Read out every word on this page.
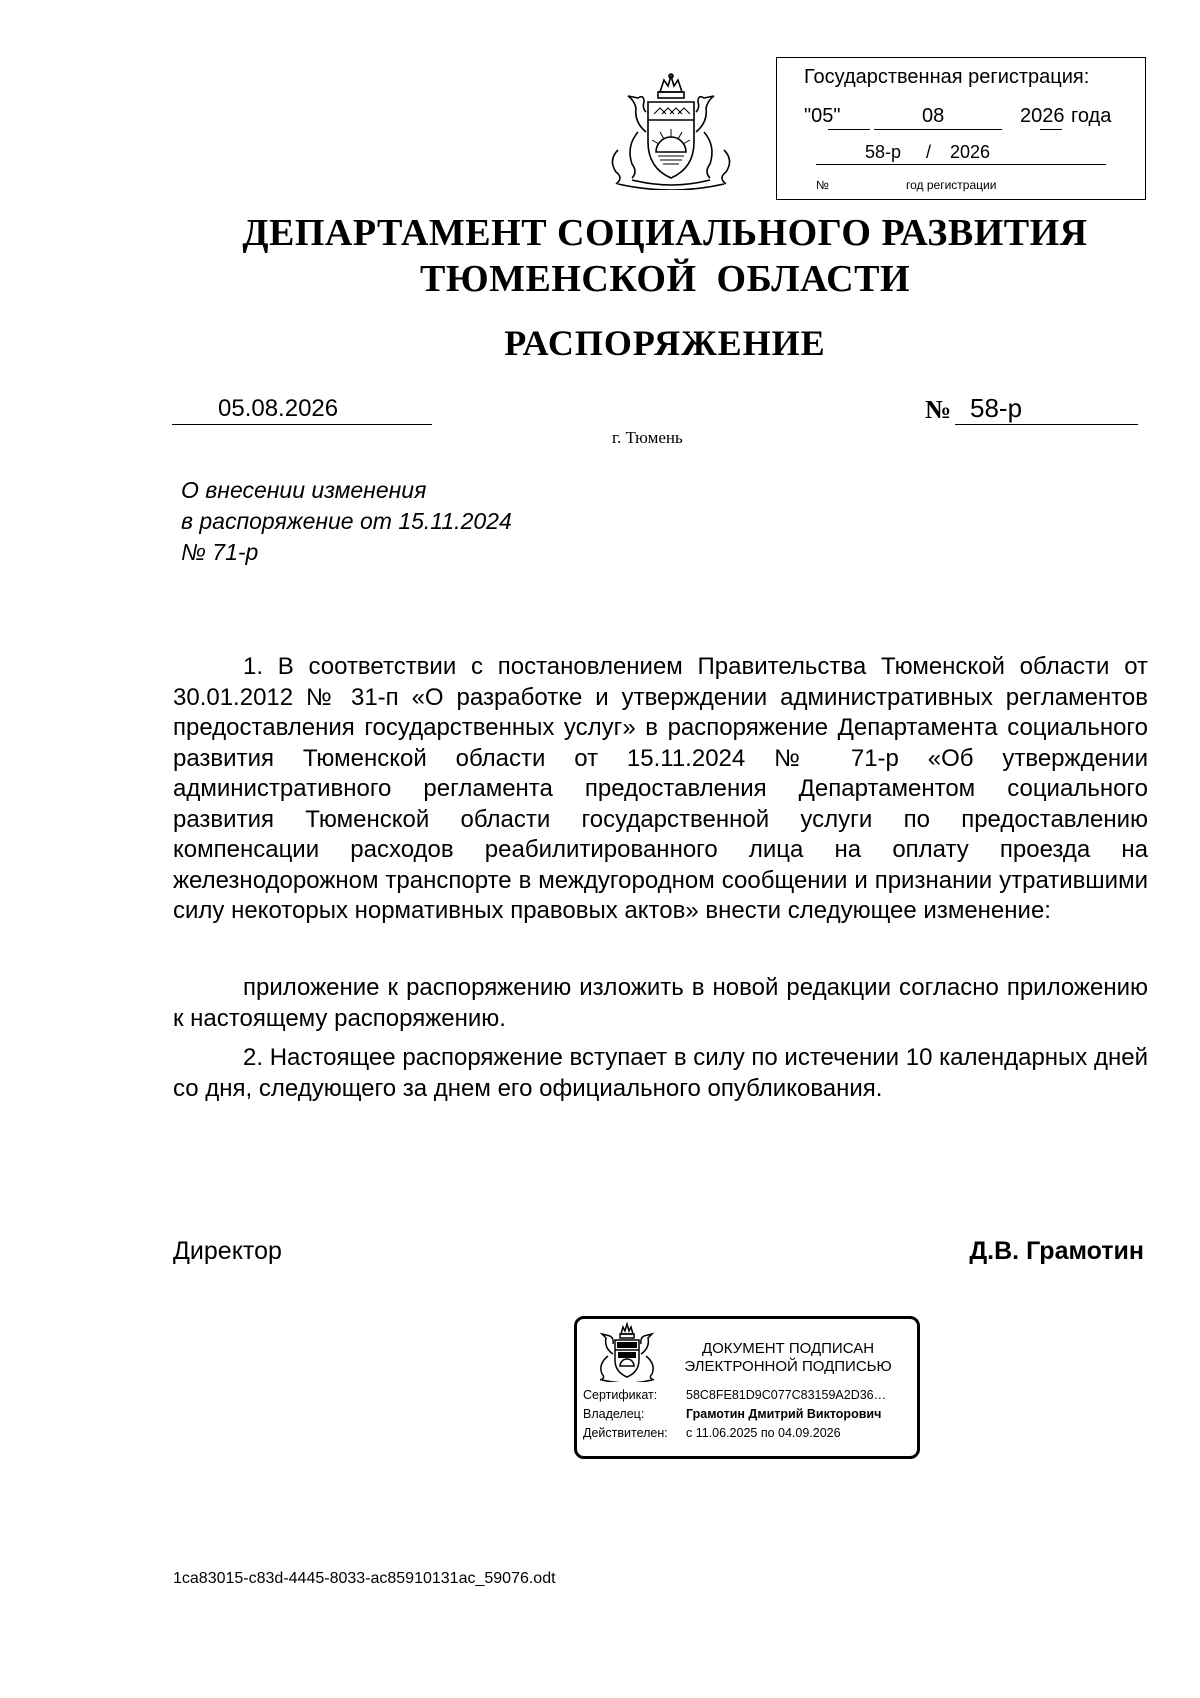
Государственная регистрация:
"05"	08	2026 года
58-р / 2026
№	год регистрации
ДЕПАРТАМЕНТ СОЦИАЛЬНОГО РАЗВИТИЯ
ТЮМЕНСКОЙ  ОБЛАСТИ
РАСПОРЯЖЕНИЕ
05.08.2026	№ 58-р
г. Тюмень
О внесении изменения
в распоряжение от 15.11.2024
№ 71-р

1. В соответствии с постановлением Правительства Тюменской области от 30.01.2012 № 31-п «О разработке и утверждении административных регламентов предоставления государственных услуг» в распоряжение Департамента социального развития Тюменской области от 15.11.2024 № 71-р «Об утверждении административного регламента предоставления Департаментом социального развития Тюменской области государственной услуги по предоставлению компенсации расходов реабилитированного лица на оплату проезда на железнодорожном транспорте в междугородном сообщении и признании утратившими силу некоторых нормативных правовых актов» внести следующее изменение:

приложение к распоряжению изложить в новой редакции согласно приложению к настоящему распоряжению.

2. Настоящее распоряжение вступает в силу по истечении 10 календарных дней со дня, следующего за днем его официального опубликования.

Директор	Д.В. Грамотин
ДОКУМЕНТ ПОДПИСАН
ЭЛЕКТРОННОЙ ПОДПИСЬЮ
Сертификат: 58C8FE81D9C077C83159A2D36…
Владелец:	Грамотин Дмитрий Викторович
Действителен: с 11.06.2025 по 04.09.2026
1ca83015-c83d-4445-8033-ac85910131ac_59076.odt
